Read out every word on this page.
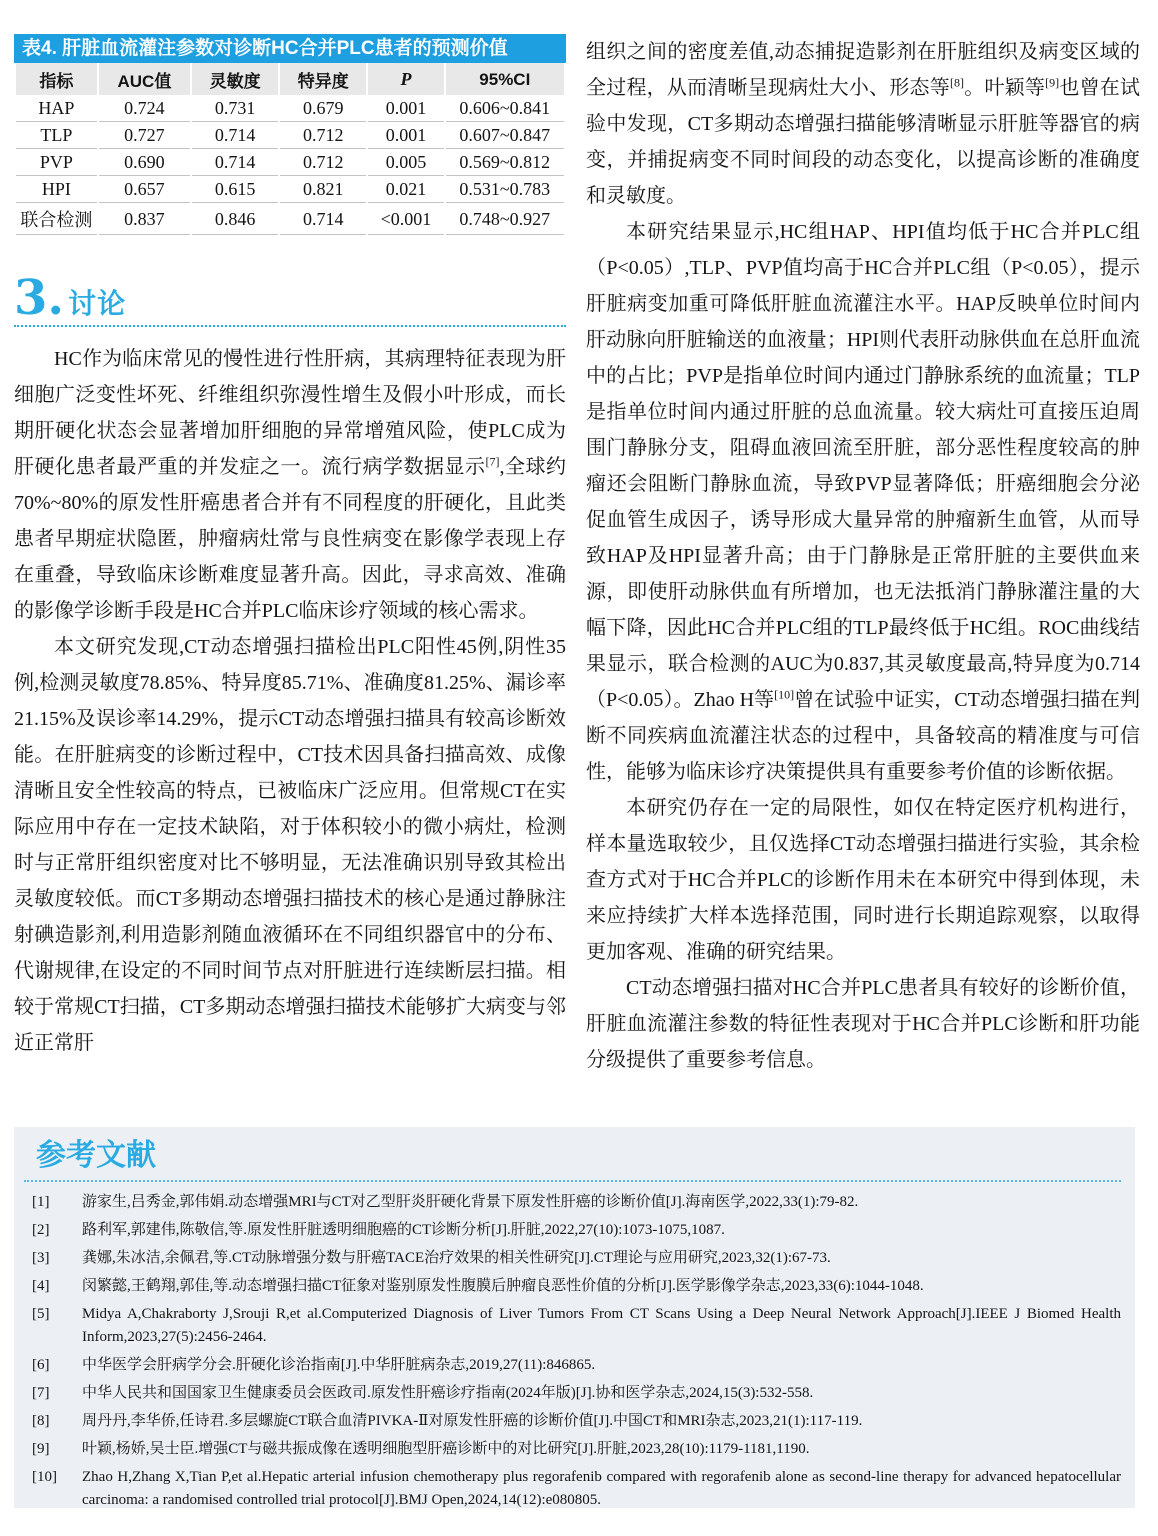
表4. 肝脏血流灌注参数对诊断HC合并PLC患者的预测价值
指标	AUC值	灵敏度	特异度	P	95%CI
HAP	0.724	0.731	0.679	0.001	0.606~0.841
TLP	0.727	0.714	0.712	0.001	0.607~0.847
PVP	0.690	0.714	0.712	0.005	0.569~0.812
HPI	0.657	0.615	0.821	0.021	0.531~0.783
联合检测	0.837	0.846	0.714	<0.001	0.748~0.927
3. 讨论

HC作为临床常见的慢性进行性肝病，其病理特征表现为肝细胞广泛变性坏死、纤维组织弥漫性增生及假小叶形成，而长期肝硬化状态会显著增加肝细胞的异常增殖风险，使PLC成为肝硬化患者最严重的并发症之一。流行病学数据显示[7],全球约70%~80%的原发性肝癌患者合并有不同程度的肝硬化，且此类患者早期症状隐匿，肿瘤病灶常与良性病变在影像学表现上存在重叠，导致临床诊断难度显著升高。因此，寻求高效、准确的影像学诊断手段是HC合并PLC临床诊疗领域的核心需求。

本文研究发现,CT动态增强扫描检出PLC阳性45例,阴性35例,检测灵敏度78.85%、特异度85.71%、准确度81.25%、漏诊率21.15%及误诊率14.29%，提示CT动态增强扫描具有较高诊断效能。在肝脏病变的诊断过程中，CT技术因具备扫描高效、成像清晰且安全性较高的特点，已被临床广泛应用。但常规CT在实际应用中存在一定技术缺陷，对于体积较小的微小病灶，检测时与正常肝组织密度对比不够明显，无法准确识别导致其检出灵敏度较低。而CT多期动态增强扫描技术的核心是通过静脉注射碘造影剂,利用造影剂随血液循环在不同组织器官中的分布、代谢规律,在设定的不同时间节点对肝脏进行连续断层扫描。相较于常规CT扫描，CT多期动态增强扫描技术能够扩大病变与邻近正常肝

组织之间的密度差值,动态捕捉造影剂在肝脏组织及病变区域的全过程，从而清晰呈现病灶大小、形态等[8]。叶颖等[9]也曾在试验中发现，CT多期动态增强扫描能够清晰显示肝脏等器官的病变，并捕捉病变不同时间段的动态变化，以提高诊断的准确度和灵敏度。

本研究结果显示,HC组HAP、HPI值均低于HC合并PLC组（P<0.05）,TLP、PVP值均高于HC合并PLC组（P<0.05），提示肝脏病变加重可降低肝脏血流灌注水平。HAP反映单位时间内肝动脉向肝脏输送的血液量；HPI则代表肝动脉供血在总肝血流中的占比；PVP是指单位时间内通过门静脉系统的血流量；TLP是指单位时间内通过肝脏的总血流量。较大病灶可直接压迫周围门静脉分支，阻碍血液回流至肝脏，部分恶性程度较高的肿瘤还会阻断门静脉血流，导致PVP显著降低；肝癌细胞会分泌促血管生成因子，诱导形成大量异常的肿瘤新生血管，从而导致HAP及HPI显著升高；由于门静脉是正常肝脏的主要供血来源，即使肝动脉供血有所增加，也无法抵消门静脉灌注量的大幅下降，因此HC合并PLC组的TLP最终低于HC组。ROC曲线结果显示，联合检测的AUC为0.837,其灵敏度最高,特异度为0.714（P<0.05）。Zhao H等[10]曾在试验中证实，CT动态增强扫描在判断不同疾病血流灌注状态的过程中，具备较高的精准度与可信性，能够为临床诊疗决策提供具有重要参考价值的诊断依据。

本研究仍存在一定的局限性，如仅在特定医疗机构进行，样本量选取较少，且仅选择CT动态增强扫描进行实验，其余检查方式对于HC合并PLC的诊断作用未在本研究中得到体现，未来应持续扩大样本选择范围，同时进行长期追踪观察，以取得更加客观、准确的研究结果。

CT动态增强扫描对HC合并PLC患者具有较好的诊断价值，肝脏血流灌注参数的特征性表现对于HC合并PLC诊断和肝功能分级提供了重要参考信息。

参考文献
[1]	游家生,吕秀金,郭伟娟.动态增强MRI与CT对乙型肝炎肝硬化背景下原发性肝癌的诊断价值[J].海南医学,2022,33(1):79-82.
[2]	路利军,郭建伟,陈敬信,等.原发性肝脏透明细胞癌的CT诊断分析[J].肝脏,2022,27(10):1073-1075,1087.
[3]	龚娜,朱冰洁,余佩君,等.CT动脉增强分数与肝癌TACE治疗效果的相关性研究[J].CT理论与应用研究,2023,32(1):67-73.
[4]	闵繁懿,王鹤翔,郭佳,等.动态增强扫描CT征象对鉴别原发性腹膜后肿瘤良恶性价值的分析[J].医学影像学杂志,2023,33(6):1044-1048.
[5]	Midya A,Chakraborty J,Srouji R,et al.Computerized Diagnosis of Liver Tumors From CT Scans Using a Deep Neural Network Approach[J].IEEE J Biomed Health Inform,2023,27(5):2456-2464.
[6]	中华医学会肝病学分会.肝硬化诊治指南[J].中华肝脏病杂志,2019,27(11):846865.
[7]	中华人民共和国国家卫生健康委员会医政司.原发性肝癌诊疗指南(2024年版)[J].协和医学杂志,2024,15(3):532-558.
[8]	周丹丹,李华侨,任诗君.多层螺旋CT联合血清PIVKA-Ⅱ对原发性肝癌的诊断价值[J].中国CT和MRI杂志,2023,21(1):117-119.
[9]	叶颖,杨娇,吴士臣.增强CT与磁共振成像在透明细胞型肝癌诊断中的对比研究[J].肝脏,2023,28(10):1179-1181,1190.
[10]	Zhao H,Zhang X,Tian P,et al.Hepatic arterial infusion chemotherapy plus regorafenib compared with regorafenib alone as second-line therapy for advanced hepatocellular carcinoma: a randomised controlled trial protocol[J].BMJ Open,2024,14(12):e080805.
